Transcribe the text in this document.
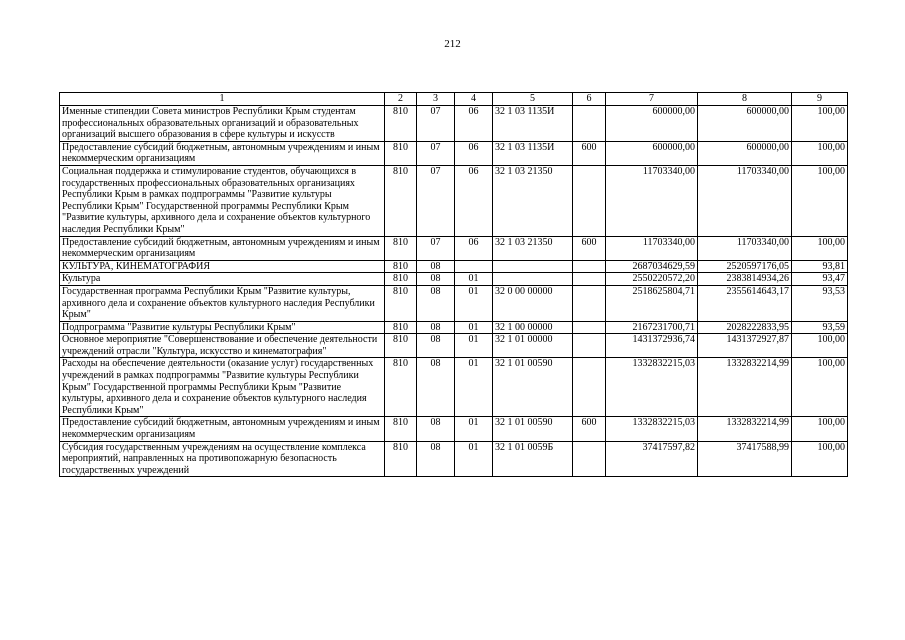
212
1	2	3	4	5	6	7	8	9
Именные стипендии Совета министров Республики Крым студентам профессиональных образовательных организаций и образовательных организаций высшего образования в сфере культуры и искусств	810	07	06	32 1 03 1135И		600000,00	600000,00	100,00
Предоставление субсидий бюджетным, автономным учреждениям и иным некоммерческим организациям	810	07	06	32 1 03 1135И	600	600000,00	600000,00	100,00
Социальная поддержка и стимулирование студентов, обучающихся в государственных профессиональных образовательных организациях Республики Крым в рамках подпрограммы "Развитие культуры Республики Крым" Государственной программы Республики Крым "Развитие культуры, архивного дела и сохранение объектов культурного наследия Республики Крым"	810	07	06	32 1 03 21350		11703340,00	11703340,00	100,00
Предоставление субсидий бюджетным, автономным учреждениям и иным некоммерческим организациям	810	07	06	32 1 03 21350	600	11703340,00	11703340,00	100,00
КУЛЬТУРА, КИНЕМАТОГРАФИЯ	810	08				2687034629,59	2520597176,05	93,81
Культура	810	08	01			2550220572,20	2383814934,26	93,47
Государственная программа Республики Крым "Развитие культуры, архивного дела и сохранение объектов культурного наследия Республики Крым"	810	08	01	32 0 00 00000		2518625804,71	2355614643,17	93,53
Подпрограмма "Развитие культуры Республики Крым"	810	08	01	32 1 00 00000		2167231700,71	2028222833,95	93,59
Основное мероприятие "Совершенствование и обеспечение деятельности учреждений отрасли "Культура, искусство и кинематография"	810	08	01	32 1 01 00000		1431372936,74	1431372927,87	100,00
Расходы на обеспечение деятельности (оказание услуг) государственных учреждений в рамках подпрограммы "Развитие культуры Республики Крым" Государственной программы Республики Крым "Развитие культуры, архивного дела и сохранение объектов культурного наследия Республики Крым"	810	08	01	32 1 01 00590		1332832215,03	1332832214,99	100,00
Предоставление субсидий бюджетным, автономным учреждениям и иным некоммерческим организациям	810	08	01	32 1 01 00590	600	1332832215,03	1332832214,99	100,00
Субсидия государственным учреждениям на осуществление комплекса мероприятий, направленных на противопожарную безопасность государственных учреждений	810	08	01	32 1 01 0059Б		37417597,82	37417588,99	100,00
